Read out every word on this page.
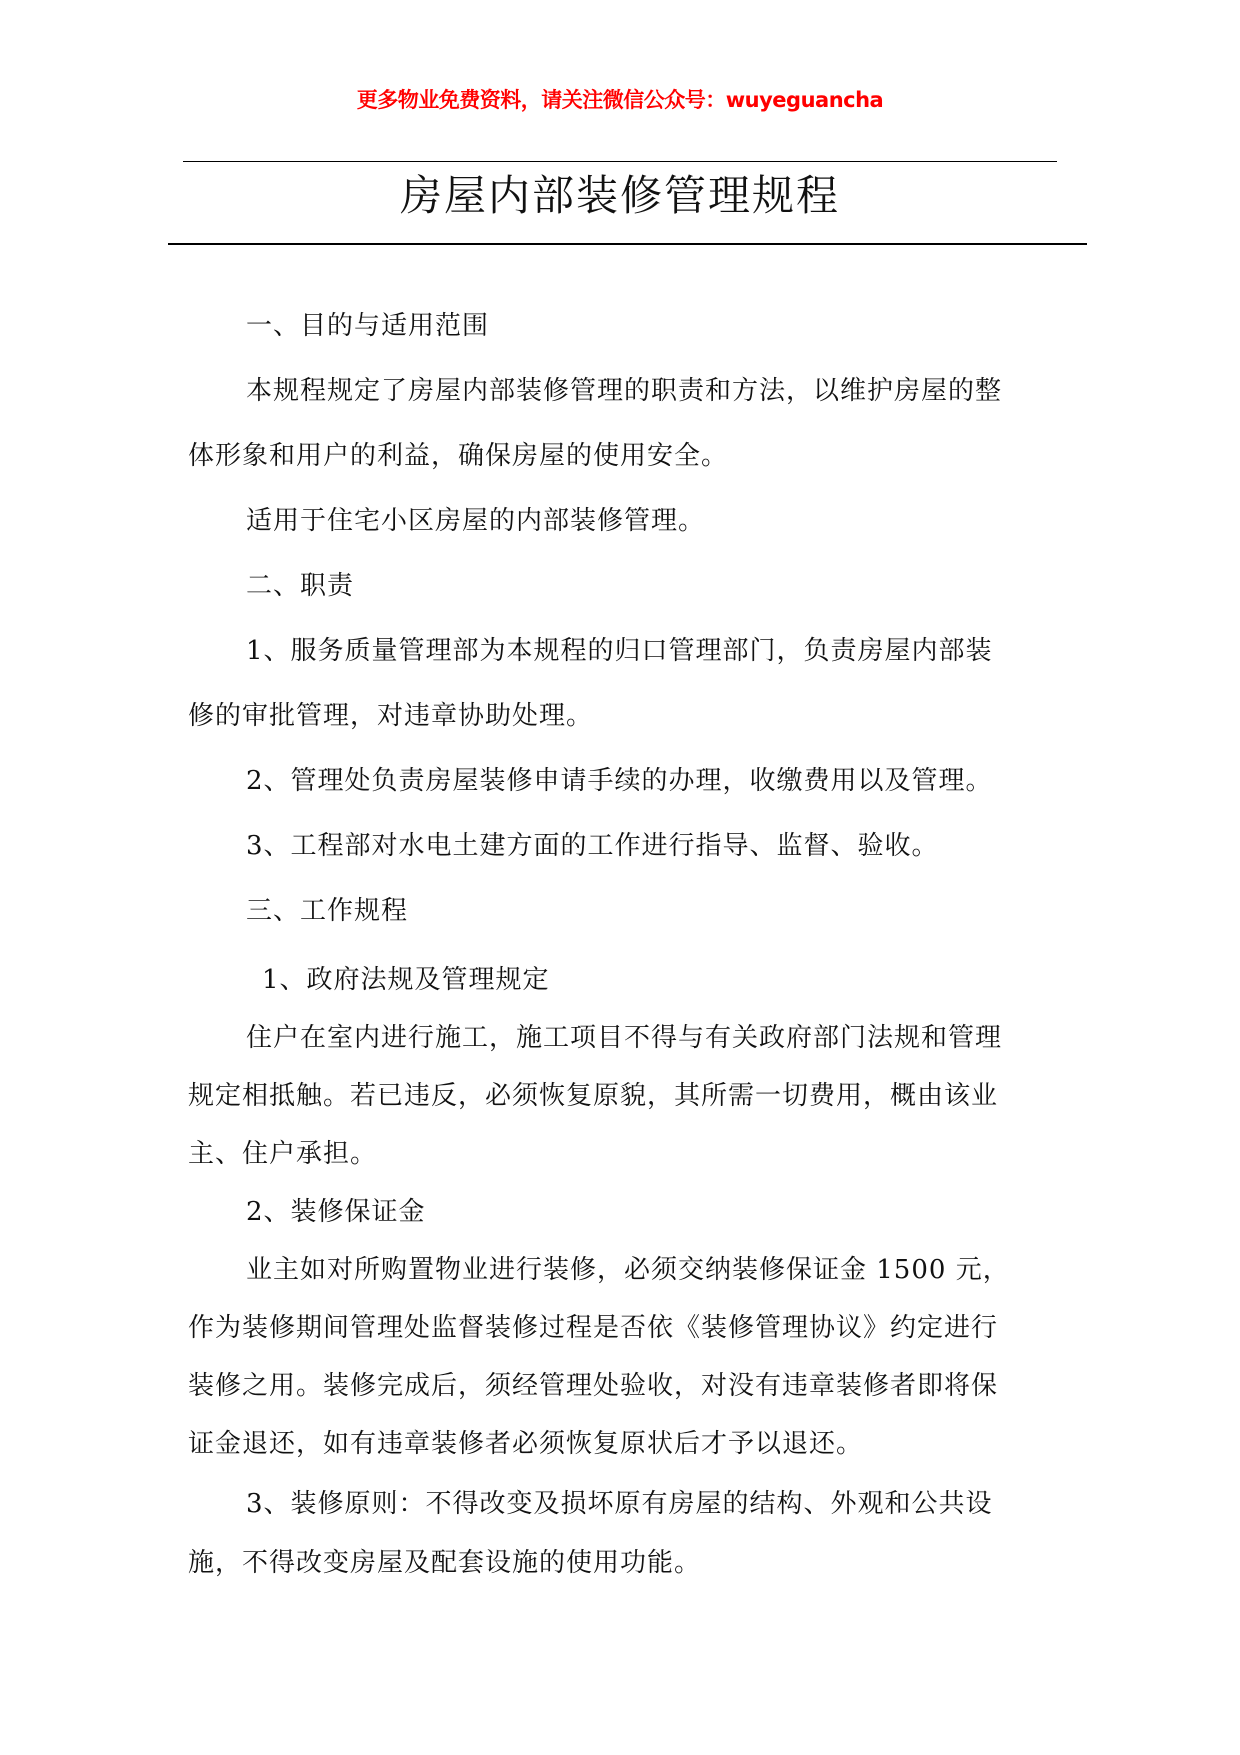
更多物业免费资料，请关注微信公众号：wuyeguancha
房屋内部装修管理规程
一、目的与适用范围
本规程规定了房屋内部装修管理的职责和方法，以维护房屋的整
体形象和用户的利益，确保房屋的使用安全。
适用于住宅小区房屋的内部装修管理。
二、职责
1、服务质量管理部为本规程的归口管理部门，负责房屋内部装
修的审批管理，对违章协助处理。
2、管理处负责房屋装修申请手续的办理，收缴费用以及管理。
3、工程部对水电土建方面的工作进行指导、监督、验收。
三、工作规程
1、政府法规及管理规定
住户在室内进行施工，施工项目不得与有关政府部门法规和管理
规定相抵触。若已违反，必须恢复原貌，其所需一切费用，概由该业
主、住户承担。
2、装修保证金
业主如对所购置物业进行装修，必须交纳装修保证金 1500 元，
作为装修期间管理处监督装修过程是否依《装修管理协议》约定进行
装修之用。装修完成后，须经管理处验收，对没有违章装修者即将保
证金退还，如有违章装修者必须恢复原状后才予以退还。
3、装修原则：不得改变及损坏原有房屋的结构、外观和公共设
施，不得改变房屋及配套设施的使用功能。
